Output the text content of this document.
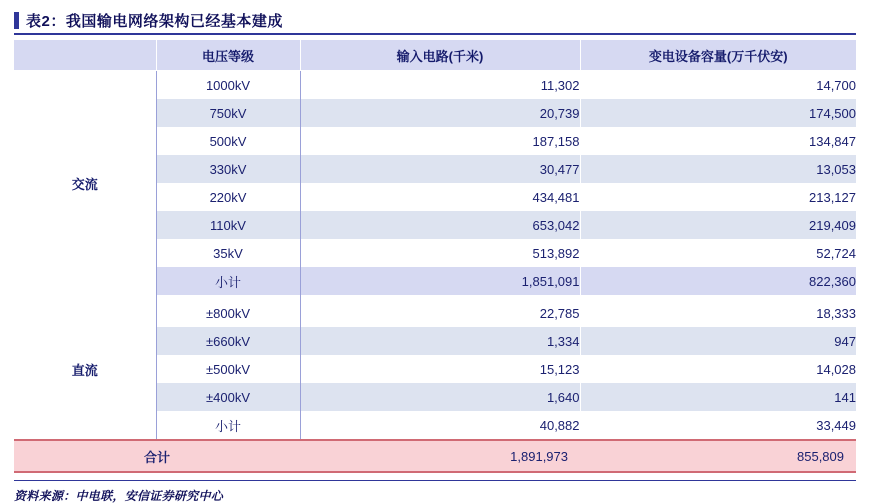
表2：我国输电网络架构已经基本建成
	电压等级	输入电路(千米)	变电设备容量(万千伏安)
交流	1000kV	11,302	14,700
	750kV	20,739	174,500
	500kV	187,158	134,847
	330kV	30,477	13,053
	220kV	434,481	213,127
	110kV	653,042	219,409
	35kV	513,892	52,724
	小计	1,851,091	822,360

直流	±800kV	22,785	18,333
	±660kV	1,334	947
	±500kV	15,123	14,028
	±400kV	1,640	141
	小计	40,882	33,449
合计		1,891,973	855,809
资料来源：中电联，安信证券研究中心
